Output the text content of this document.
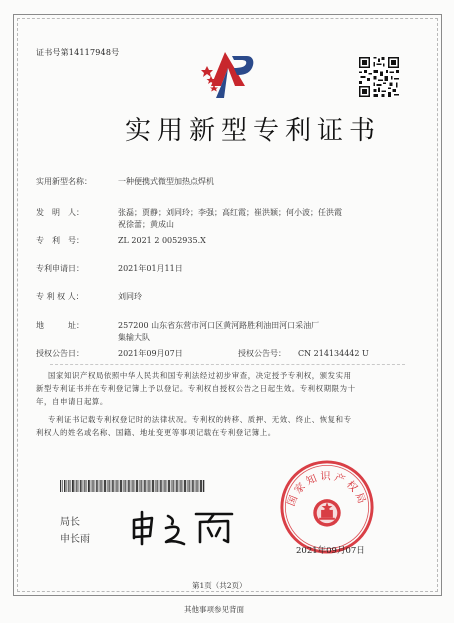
证书号第14117948号
实用新型专利证书
实用新型名称：	一种便携式微型加热点焊机
发　明　人：	张磊；贾静；刘同玲；李强；高红霞；崔洪颖；何小波；任洪霞
祝徐蕾；黄成山
专　利　号：	ZL 2021 2 0052935.X
专利申请日：	2021年01月11日
专 利 权 人：	刘同玲
地　　　址：	257200 山东省东营市河口区黄河路胜利油田河口采油厂
集输大队
授权公告日：	2021年09月07日	授权公告号： CN 214134442 U
国家知识产权局依照中华人民共和国专利法经过初步审查，决定授予专利权，颁发实用
新型专利证书并在专利登记簿上予以登记。专利权自授权公告之日起生效。专利权期限为十
年，自申请日起算。
专利证书记载专利权登记时的法律状况。专利权的转移、质押、无效、终止、恢复和专
利权人的姓名或名称、国籍、地址变更等事项记载在专利登记簿上。
局长
申长雨
国家知识产权局
2021年09月07日
第1页（共2页）
其他事项参见背面
